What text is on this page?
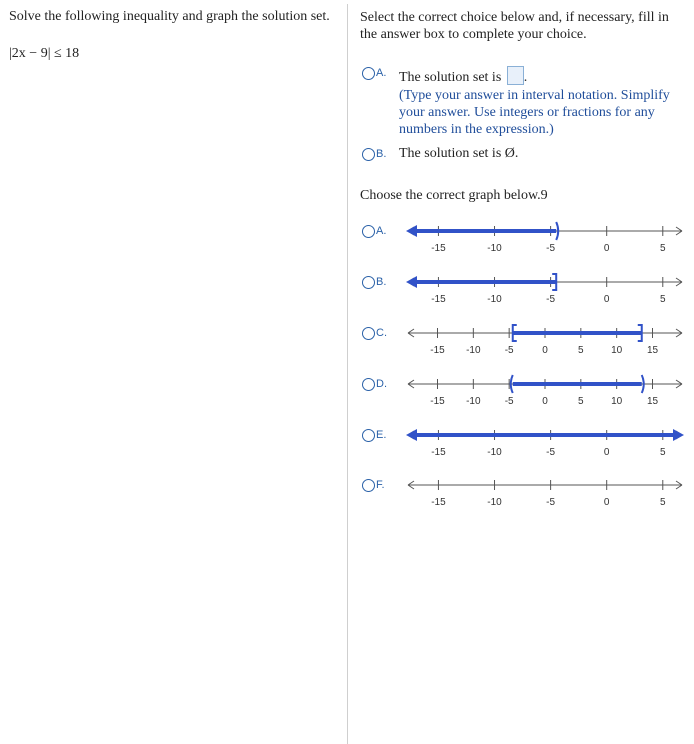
Solve the following inequality and graph the solution set.
|2x − 9| ≤ 18
Select the correct choice below and, if necessary, fill in the answer box to complete your choice.
A. The solution set is .
(Type your answer in interval notation. Simplify your answer. Use integers or fractions for any numbers in the expression.)
B. The solution set is Ø.
Choose the correct graph below.9
A.
-15	-10	-5	0	5
B.
-15	-10	-5	0	5
C.
-15 -10 -5	0	5	10 15
D.
-15 -10 -5	0	5	10 15
E.
-15	-10	-5	0	5
F.
-15	-10	-5	0	5
